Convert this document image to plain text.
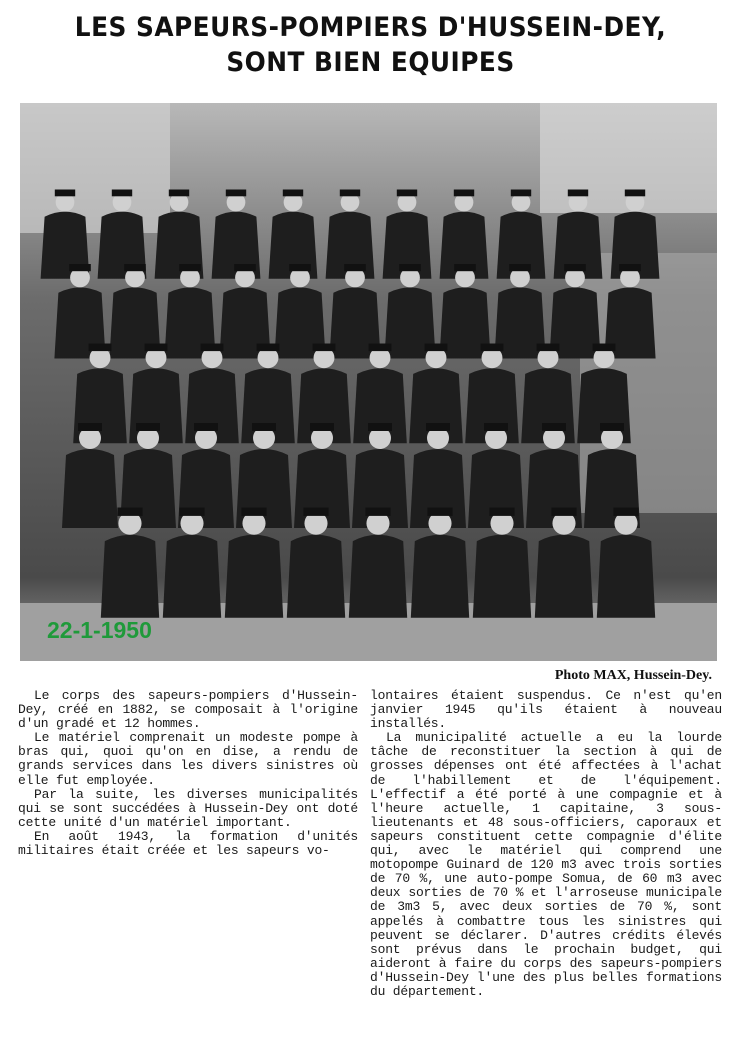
LES SAPEURS-POMPIERS D'HUSSEIN-DEY,
SONT BIEN EQUIPES
22-1-1950
Photo MAX, Hussein-Dey.

Le corps des sapeurs-pompiers d'Hussein-Dey, créé en 1882, se composait à l'origine d'un gradé et 12 hommes.

Le matériel comprenait un modeste pompe à bras qui, quoi qu'on en dise, a rendu de grands services dans les divers sinistres où elle fut employée.

Par la suite, les diverses municipalités qui se sont succédées à Hussein-Dey ont doté cette unité d'un matériel important.

En août 1943, la formation d'unités militaires était créée et les sapeurs vo-

lontaires étaient suspendus. Ce n'est qu'en janvier 1945 qu'ils étaient à nouveau installés.

La municipalité actuelle a eu la lourde tâche de reconstituer la section à qui de grosses dépenses ont été affectées à l'achat de l'habillement et de l'équipement. L'effectif a été porté à une compagnie et à l'heure actuelle, 1 capitaine, 3 sous-lieutenants et 48 sous-officiers, caporaux et sapeurs constituent cette compagnie d'élite qui, avec le matériel qui comprend une motopompe Guinard de 120 m3 avec trois sorties de 70 %, une auto-pompe Somua, de 60 m3 avec deux sorties de 70 % et l'arroseuse municipale de 3m3 5, avec deux sorties de 70 %, sont appelés à combattre tous les sinistres qui peuvent se déclarer. D'autres crédits élevés sont prévus dans le prochain budget, qui aideront à faire du corps des sapeurs-pompiers d'Hussein-Dey l'une des plus belles formations du département.
